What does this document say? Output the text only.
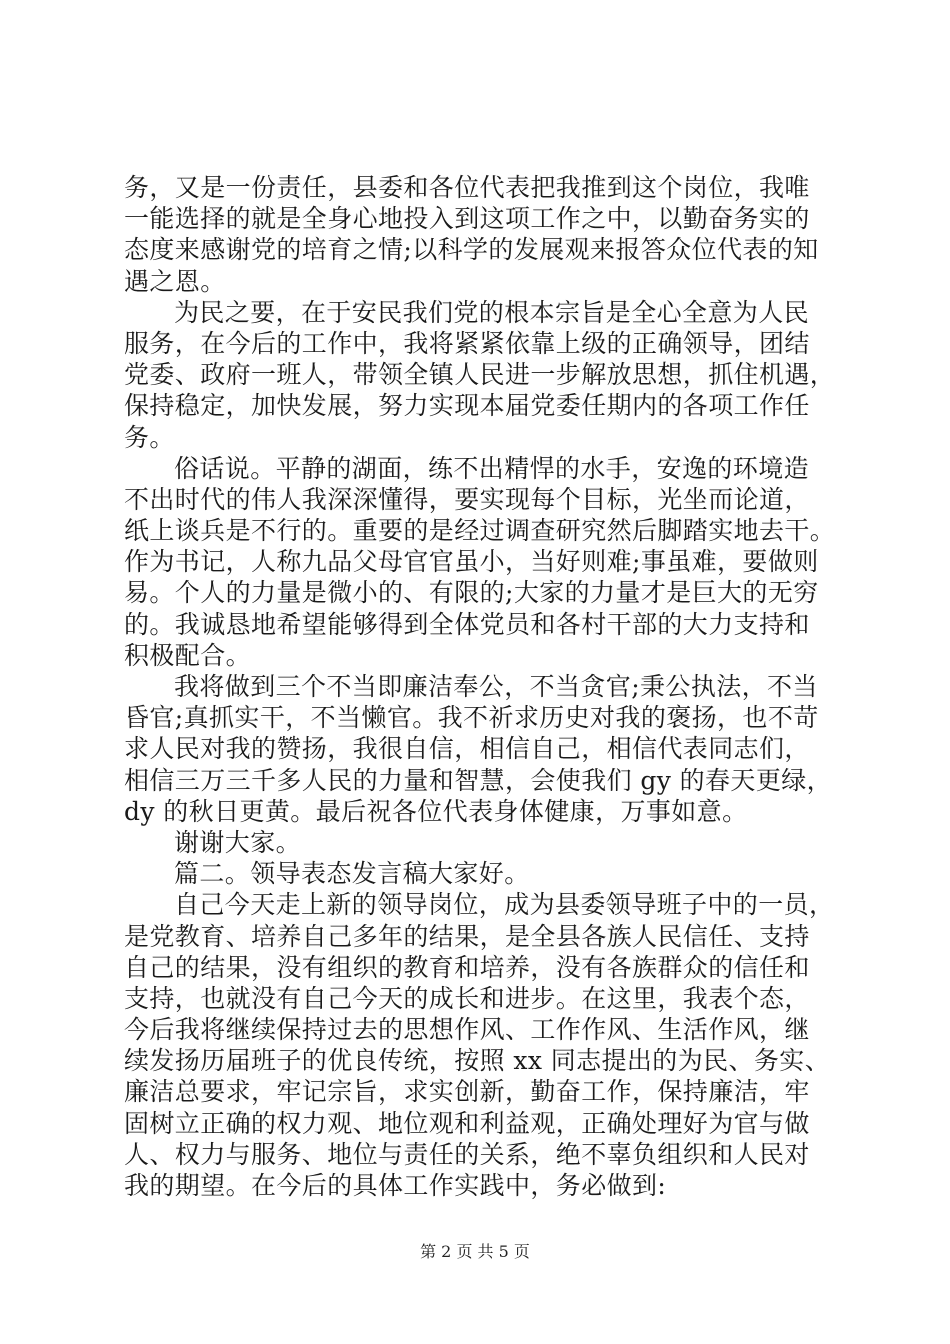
务，又是一份责任，县委和各位代表把我推到这个岗位，我唯
一能选择的就是全身心地投入到这项工作之中，以勤奋务实的
态度来感谢党的培育之情;以科学的发展观来报答众位代表的知
遇之恩。
为民之要，在于安民我们党的根本宗旨是全心全意为人民
服务，在今后的工作中，我将紧紧依靠上级的正确领导，团结
党委、政府一班人，带领全镇人民进一步解放思想，抓住机遇，
保持稳定，加快发展，努力实现本届党委任期内的各项工作任
务。
俗话说。平静的湖面，练不出精悍的水手，安逸的环境造
不出时代的伟人我深深懂得，要实现每个目标，光坐而论道，
纸上谈兵是不行的。重要的是经过调查研究然后脚踏实地去干。
作为书记，人称九品父母官官虽小，当好则难;事虽难，要做则
易。个人的力量是微小的、有限的;大家的力量才是巨大的无穷
的。我诚恳地希望能够得到全体党员和各村干部的大力支持和
积极配合。
我将做到三个不当即廉洁奉公，不当贪官;秉公执法，不当
昏官;真抓实干，不当懒官。我不祈求历史对我的褒扬，也不苛
求人民对我的赞扬，我很自信，相信自己，相信代表同志们，
相信三万三千多人民的力量和智慧，会使我们 gy 的春天更绿，
dy 的秋日更黄。最后祝各位代表身体健康，万事如意。
谢谢大家。
篇二。领导表态发言稿大家好。
自己今天走上新的领导岗位，成为县委领导班子中的一员，
是党教育、培养自己多年的结果，是全县各族人民信任、支持
自己的结果，没有组织的教育和培养，没有各族群众的信任和
支持，也就没有自己今天的成长和进步。在这里，我表个态，
今后我将继续保持过去的思想作风、工作作风、生活作风，继
续发扬历届班子的优良传统，按照 xx 同志提出的为民、务实、
廉洁总要求，牢记宗旨，求实创新，勤奋工作，保持廉洁，牢
固树立正确的权力观、地位观和利益观，正确处理好为官与做
人、权力与服务、地位与责任的关系，绝不辜负组织和人民对
我的期望。在今后的具体工作实践中，务必做到:
第 2 页 共 5 页
